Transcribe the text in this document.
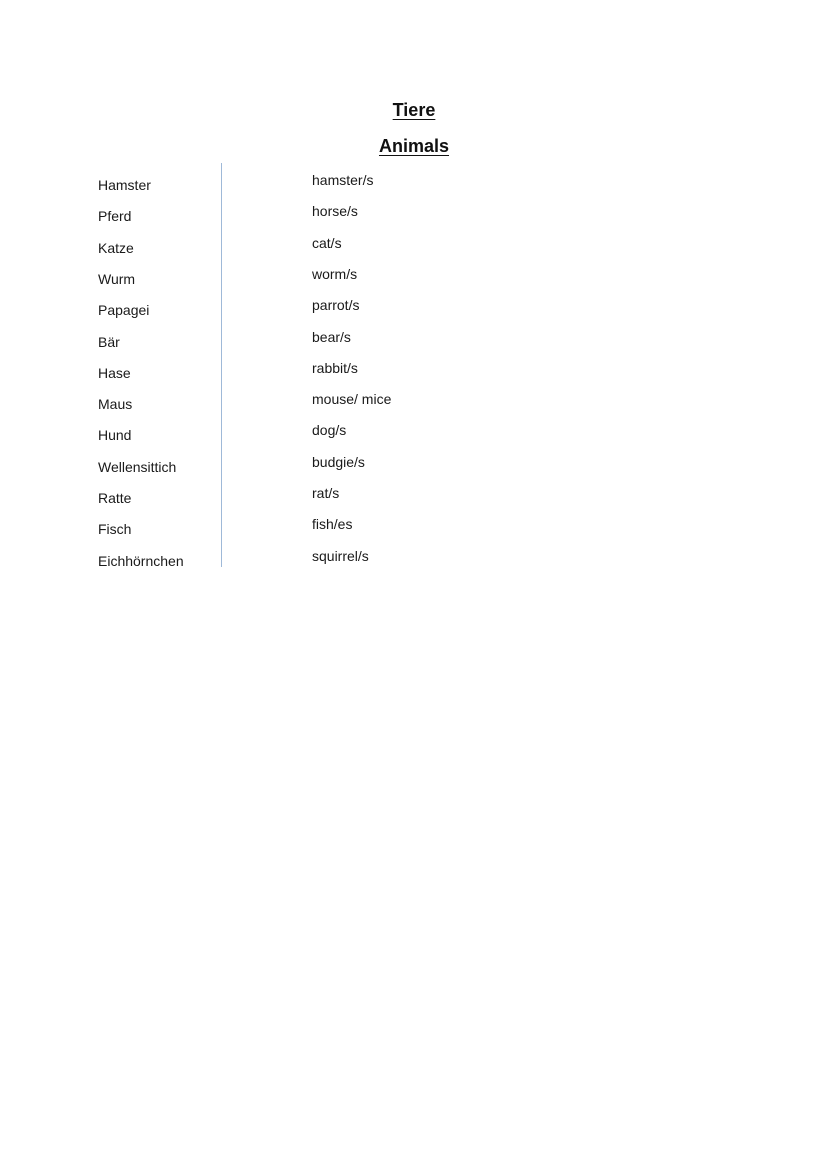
Tiere
Animals
Hamster	hamster/s
Pferd	horse/s
Katze	cat/s
Wurm	worm/s
Papagei	parrot/s
Bär	bear/s
Hase	rabbit/s
Maus	mouse/ mice
Hund	dog/s
Wellensittich	budgie/s
Ratte	rat/s
Fisch	fish/es
Eichhörnchen	squirrel/s
